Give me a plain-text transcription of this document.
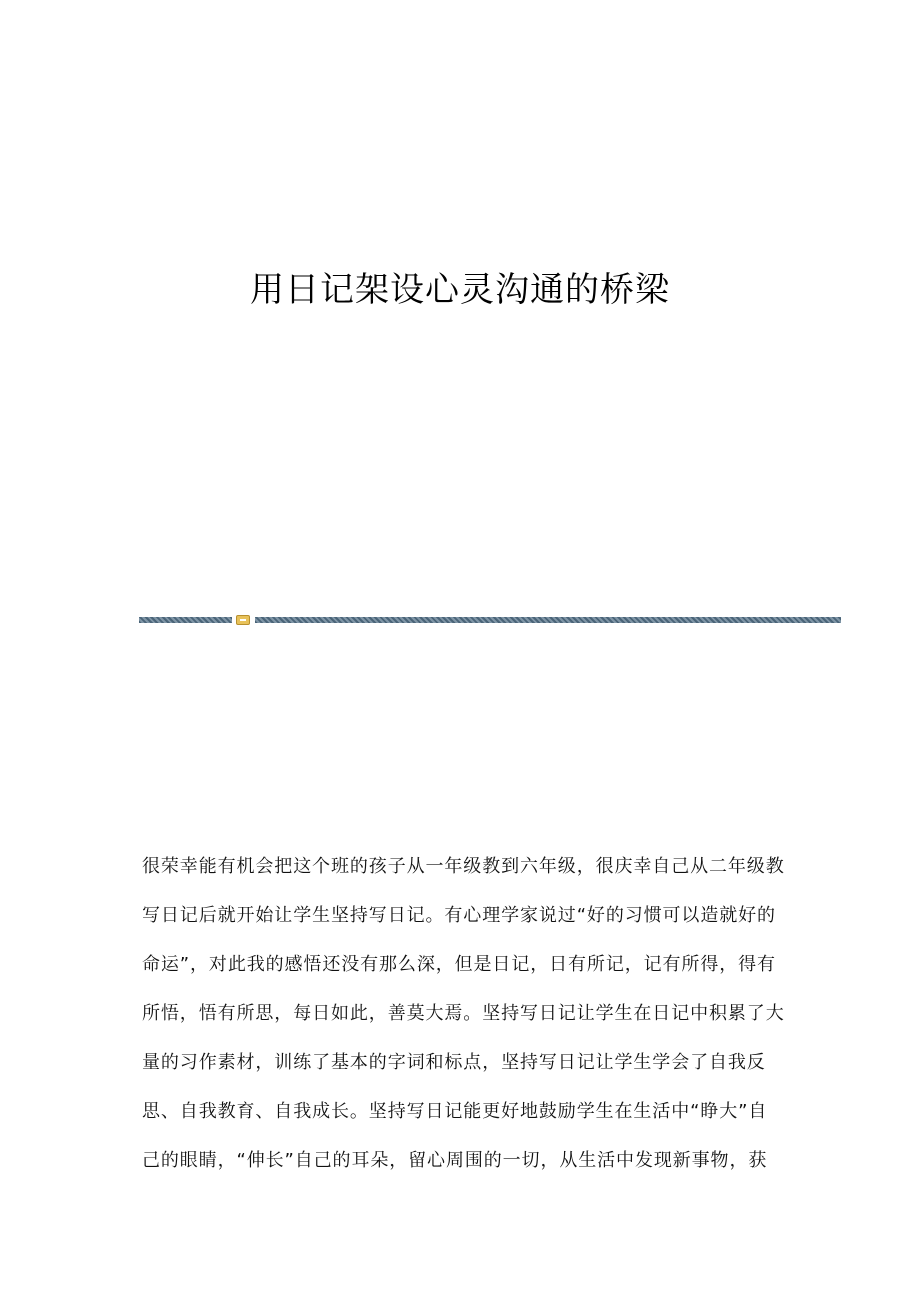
用日记架设心灵沟通的桥梁
很荣幸能有机会把这个班的孩子从一年级教到六年级，很庆幸自己从二年级教
写日记后就开始让学生坚持写日记。有心理学家说过“好的习惯可以造就好的
命运”，对此我的感悟还没有那么深，但是日记，日有所记，记有所得，得有
所悟，悟有所思，每日如此，善莫大焉。坚持写日记让学生在日记中积累了大
量的习作素材，训练了基本的字词和标点，坚持写日记让学生学会了自我反
思、自我教育、自我成长。坚持写日记能更好地鼓励学生在生活中“睁大”自
己的眼睛，“伸长”自己的耳朵，留心周围的一切，从生活中发现新事物，获
